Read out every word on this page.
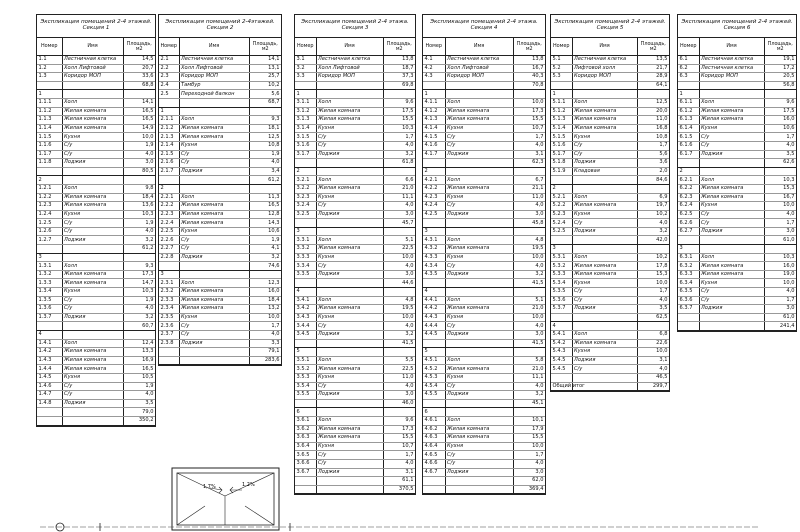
Экспликация помещений 2-4 этажей. Секция 1
Номер	Имя	Площадь, м2
1.1	Лестничная клетка	14,5
1.2	Холл Лифтовой	20,7
1.3	Коридор МОП	33,6
		68,8
1		
1.1.1	Холл	14,1
1.1.2	Жилая комната	16,5
1.1.3	Жилая комната	16,5
1.1.4	Жилая комната	14,9
1.1.5	Кухня	10,0
1.1.6	С/у	1,9
1.1.7	С/у	4,0
1.1.8	Лоджия	3,0
		80,5
2		
1.2.1	Холл	9,8
1.2.2	Жилая комната	18,4
1.2.3	Жилая комната	13,6
1.2.4	Кухня	10,3
1.2.5	С/у	1,9
1.2.6	С/у	4,0
1.2.7	Лоджия	3,2
		61,2
3		
1.3.1	Холл	9,3
1.3.2	Жилая комната	17,3
1.3.3	Жилая комната	14,7
1.3.4	Кухня	10,3
1.3.5	С/у	1,9
1.3.6	С/у	4,0
1.3.7	Лоджия	3,2
		60,7
4		
1.4.1	Холл	12,4
1.4.2	Жилая комната	13,3
1.4.3	Жилая комната	16,9
1.4.4	Жилая комната	16,5
1.4.5	Кухня	10,5
1.4.6	С/у	1,9
1.4.7	С/у	4,0
1.4.8	Лоджия	3,5
		79,0
		350,2
Экспликация помещений 2-4этажей. Секция 2
Номер	Имя	Площадь, м2
2.1	Лестничная клетка	14,1
2.2	Холл Лифтовой	13,1
2.3	Коридор МОП	25,7
2.4	Тамбур	10,2
2.5	Переходной балкон	5,6
		68,7
1		
2.1.1	Холл	9,3
2.1.2	Жилая комната	18,1
2.1.3	Жилая комната	12,5
2.1.4	Кухня	10,8
2.1.5	С/у	1,9
2.1.6	С/у	4,0
2.1.7	Лоджия	3,4
		61,2
2		
2.2.1	Холл	11,3
2.2.2	Жилая комната	16,5
2.2.3	Жилая комната	12,8
2.2.4	Жилая комната	14,3
2.2.5	Кухня	10,6
2.2.6	С/у	1,9
2.2.7	С/у	4,1
2.2.8	Лоджия	3,2
		74,6
3		
2.3.1	Холл	12,3
2.3.2	Жилая комната	16,0
2.3.3	Жилая комната	18,4
2.3.4	Жилая комната	13,2
2.3.5	Кухня	10,0
2.3.6	С/у	1,7
2.3.7	С/у	4,0
2.3.8	Лоджия	3,3
		79,1
		283,6
Экспликация помещений 2-4 этажа. Секция 3
Номер	Имя	Площадь, м2
3.1	Лестничная клетка	13,8
3.2	Холл Лифтовой	18,7
3.3	Коридор МОП	37,3
		69,8
1		
3.1.1	Холл	9,6
3.1.2	Жилая комната	17,5
3.1.3	Жилая комната	15,5
3.1.4	Кухня	10,3
3.1.5	С/у	1,7
3.1.6	С/у	4,0
3.1.7	Лоджия	3,2
		61,8
2		
3.2.1	Холл	6,6
3.2.2	Жилая комната	21,0
3.2.3	Кухня	11,1
3.2.4	С/у	4,0
3.2.5	Лоджия	3,0
		45,7
3		
3.3.1	Холл	5,1
3.3.2	Жилая комната	22,5
3.3.3	Кухня	10,0
3.3.4	С/у	4,0
3.3.5	Лоджия	3,0
		44,6
4		
3.4.1	Холл	4,8
3.4.2	Жилая комната	19,5
3.4.3	Кухня	10,0
3.4.4	С/у	4,0
3.4.5	Лоджия	3,2
		41,5
5		
3.5.1	Холл	5,5
3.5.2	Жилая комната	22,5
3.5.3	Кухня	11,0
3.5.4	С/у	4,0
3.5.5	Лоджия	3,0
		46,0
6		
3.6.1	Холл	9,6
3.6.2	Жилая комната	17,3
3.6.3	Жилая комната	15,5
3.6.4	Кухня	10,7
3.6.5	С/у	1,7
3.6.6	С/у	4,0
3.6.7	Лоджия	3,1
		61,1
		370,5
Экспликация помещений 2-4 этажа. Секция 4
Номер	Имя	Площадь, м2
4.1	Лестничная клетка	13,8
4.2	Холл Лифтовой	16,7
4.3	Коридор МОП	40,3
		70,8
1		
4.1.1	Холл	10,0
4.1.2	Жилая комната	17,3
4.1.3	Жилая комната	15,5
4.1.4	Кухня	10,7
4.1.5	С/у	1,7
4.1.6	С/у	4,0
4.1.7	Лоджия	3,1
		62,3
2		
4.2.1	Холл	6,7
4.2.2	Жилая комната	21,1
4.2.3	Кухня	11,0
4.2.4	С/у	4,0
4.2.5	Лоджия	3,0
		45,8
3		
4.3.1	Холл	4,8
4.3.2	Жилая комната	19,5
4.3.3	Кухня	10,0
4.3.4	С/у	4,0
4.3.5	Лоджия	3,2
		41,5
4		
4.4.1	Холл	5,1
4.4.2	Жилая комната	21,0
4.4.3	Кухня	10,0
4.4.4	С/у	4,0
4.4.5	Лоджия	3,0
		41,5
5		
4.5.1	Холл	5,8
4.5.2	Жилая комната	21,0
4.5.3	Кухня	11,1
4.5.4	С/у	4,0
4.5.5	Лоджия	3,2
		45,1
6		
4.6.1	Холл	10,1
4.6.2	Жилая комната	17,9
4.6.3	Жилая комната	15,5
4.6.4	Кухня	10,0
4.6.5	С/у	1,7
4.6.6	С/у	4,0
4.6.7	Лоджия	3,0
		62,0
		369,4
Экспликация помещений 2-4 этажей. Секция 5
Номер	Имя	Площадь, м2
5.1	Лестничная клетка	13,5
5.2	Лифтовой холл	21,7
5.3	Коридор МОП	28,9
		64,1
1		
5.1.1	Холл	12,5
5.1.2	Жилая комната	20,0
5.1.3	Жилая комната	11,0
5.1.4	Жилая комната	16,8
5.1.5	Кухня	10,8
5.1.6	С/у	1,7
5.1.7	С/у	5,6
5.1.8	Лоджия	3,6
5.1.9	Кладовая	2,0
		84,6
2		
5.2.1	Холл	6,9
5.2.2	Жилая комната	19,7
5.2.3	Кухня	10,2
5.2.4	С/у	4,0
5.2.5	Лоджия	3,2
		42,0
3		
5.3.1	Холл	10,2
5.3.2	Жилая комната	17,8
5.3.3	Жилая комната	15,3
5.3.4	Кухня	10,0
5.3.5	С/у	1,7
5.3.6	С/у	4,0
5.3.7	Лоджия	3,5
		62,5
4		
5.4.1	Холл	6,8
5.4.2	Жилая комната	22,6
5.4.3	Кухня	10,0
5.4.5	Лоджия	3,1
5.4.5	С/у	4,0
		46,5
Общий итог		299,7
Экспликация помещений 2-4 этажей. Секция 6
Номер	Имя	Площадь, м2
6.1	Лестничная клетка	19,1
6.2	Лестничная клетка	17,2
6.3	Коридор МОП	20,5
		56,8
1		
6.1.1	Холл	9,6
6.1.2	Жилая комната	17,5
6.1.3	Жилая комната	16,0
6.1.4	Кухня	10,6
6.1.5	С/у	1,7
6.1.6	С/у	4,0
6.1.7	Лоджия	3,5
		62,6
2		
6.2.1	Холл	10,3
6.2.2	Жилая комната	15,3
6.2.3	Жилая комната	16,7
6.2.4	Кухня	10,0
6.2.5	С/у	4,0
6.2.6	С/у	1,7
6.2.7	Лоджия	3,0
		61,0
3		
6.3.1	Холл	10,3
6.3.2	Жилая комната	16,0
6.3.3	Жилая комната	19,0
6.3.4	Кухня	10,0
6.3.5	С/у	4,0
6.3.6	С/у	1,7
6.3.7	Лоджия	3,0
		61,0
		241,4
1,7%	1,2%
